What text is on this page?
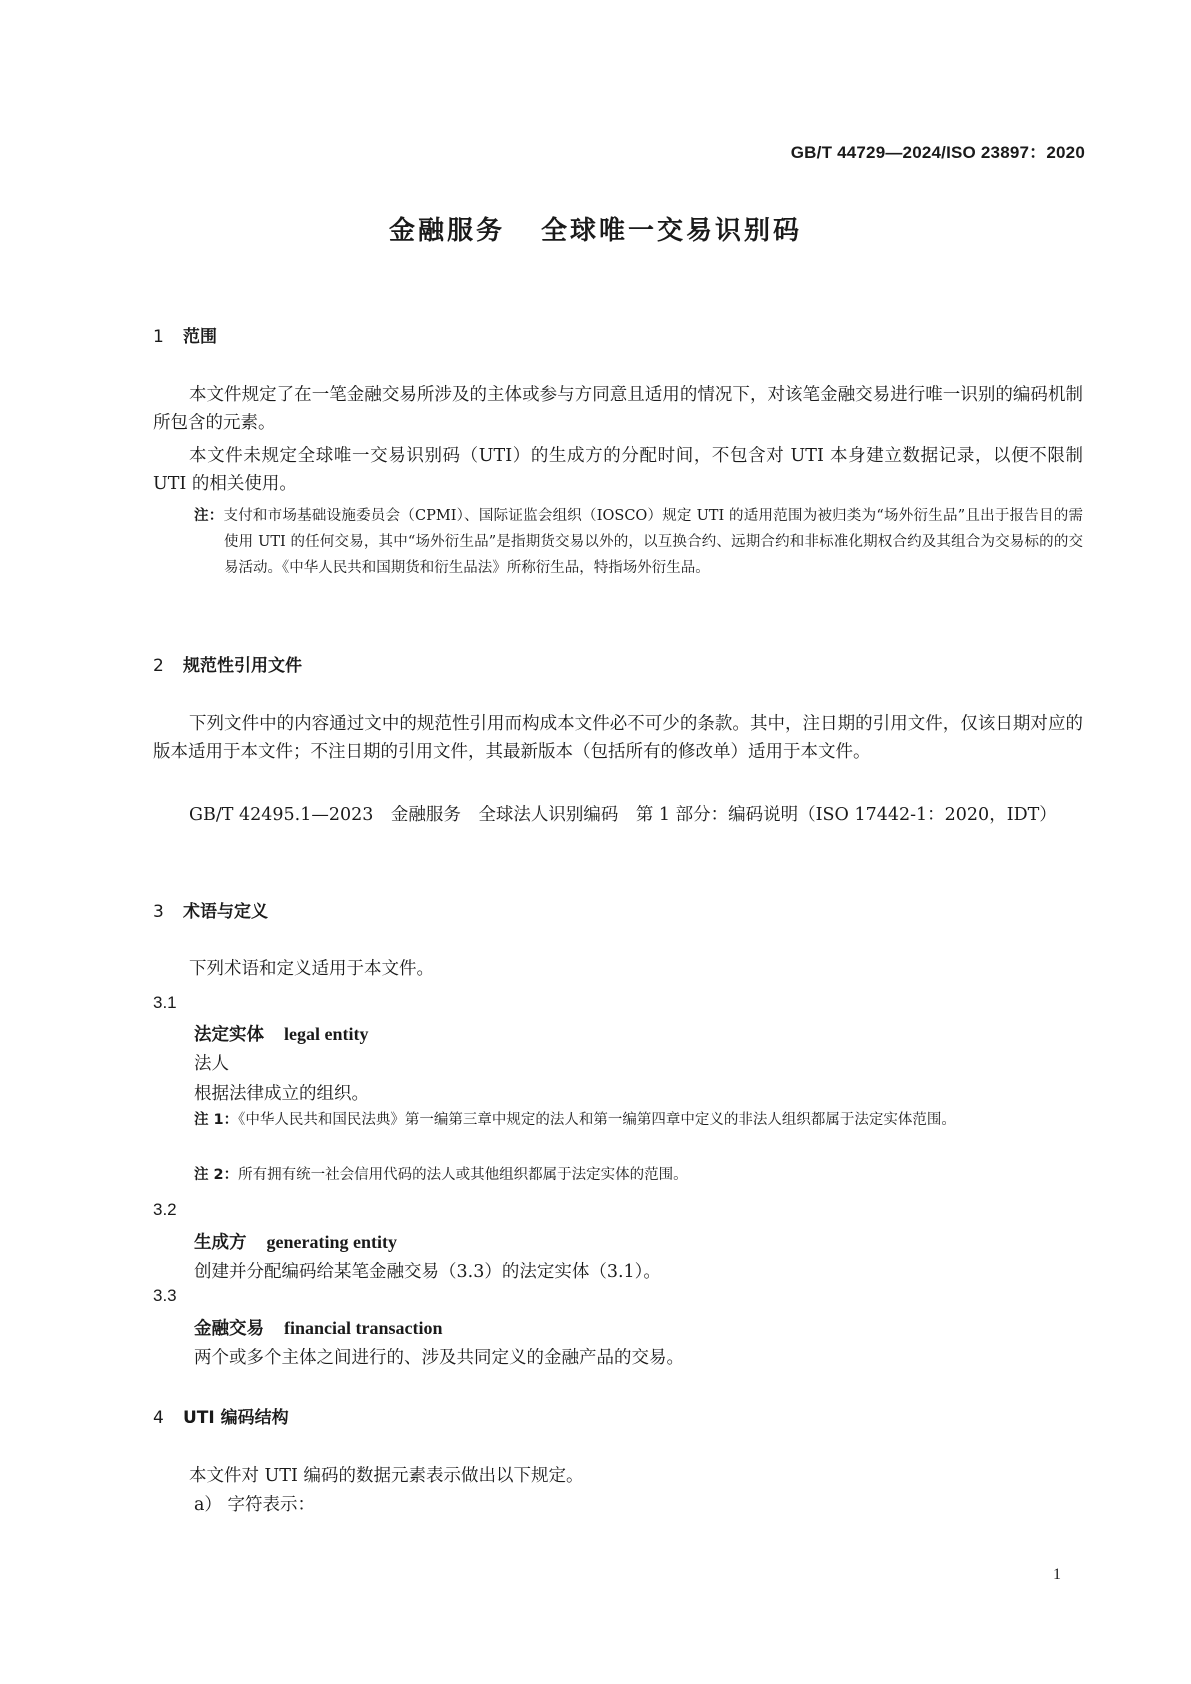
GB/T 44729—2024/ISO 23897：2020
金融服务 全球唯一交易识别码
1 范围

本文件规定了在一笔金融交易所涉及的主体或参与方同意且适用的情况下，对该笔金融交易进行唯一识别的编码机制所包含的元素。

本文件未规定全球唯一交易识别码（UTI）的生成方的分配时间，不包含对 UTI 本身建立数据记录，以便不限制 UTI 的相关使用。

注：支付和市场基础设施委员会（CPMI）、国际证监会组织（IOSCO）规定 UTI 的适用范围为被归类为“场外衍生品”且出于报告目的需使用 UTI 的任何交易，其中“场外衍生品”是指期货交易以外的，以互换合约、远期合约和非标准化期权合约及其组合为交易标的的交易活动。《中华人民共和国期货和衍生品法》所称衍生品，特指场外衍生品。
2 规范性引用文件

下列文件中的内容通过文中的规范性引用而构成本文件必不可少的条款。其中，注日期的引用文件，仅该日期对应的版本适用于本文件；不注日期的引用文件，其最新版本（包括所有的修改单）适用于本文件。

GB/T 42495.1—2023　金融服务　全球法人识别编码　第 1 部分：编码说明（ISO 17442-1：2020，IDT）

3 术语与定义

下列术语和定义适用于本文件。

3.1
法定实体 legal entity
法人
根据法律成立的组织。
注 1：《中华人民共和国民法典》第一编第三章中规定的法人和第一编第四章中定义的非法人组织都属于法定实体范围。
注 2：所有拥有统一社会信用代码的法人或其他组织都属于法定实体的范围。
3.2
生成方 generating entity
创建并分配编码给某笔金融交易（3.3）的法定实体（3.1）。
3.3
金融交易 financial transaction
两个或多个主体之间进行的、涉及共同定义的金融产品的交易。
4 UTI 编码结构

本文件对 UTI 编码的数据元素表示做出以下规定。

a） 字符表示：
1
